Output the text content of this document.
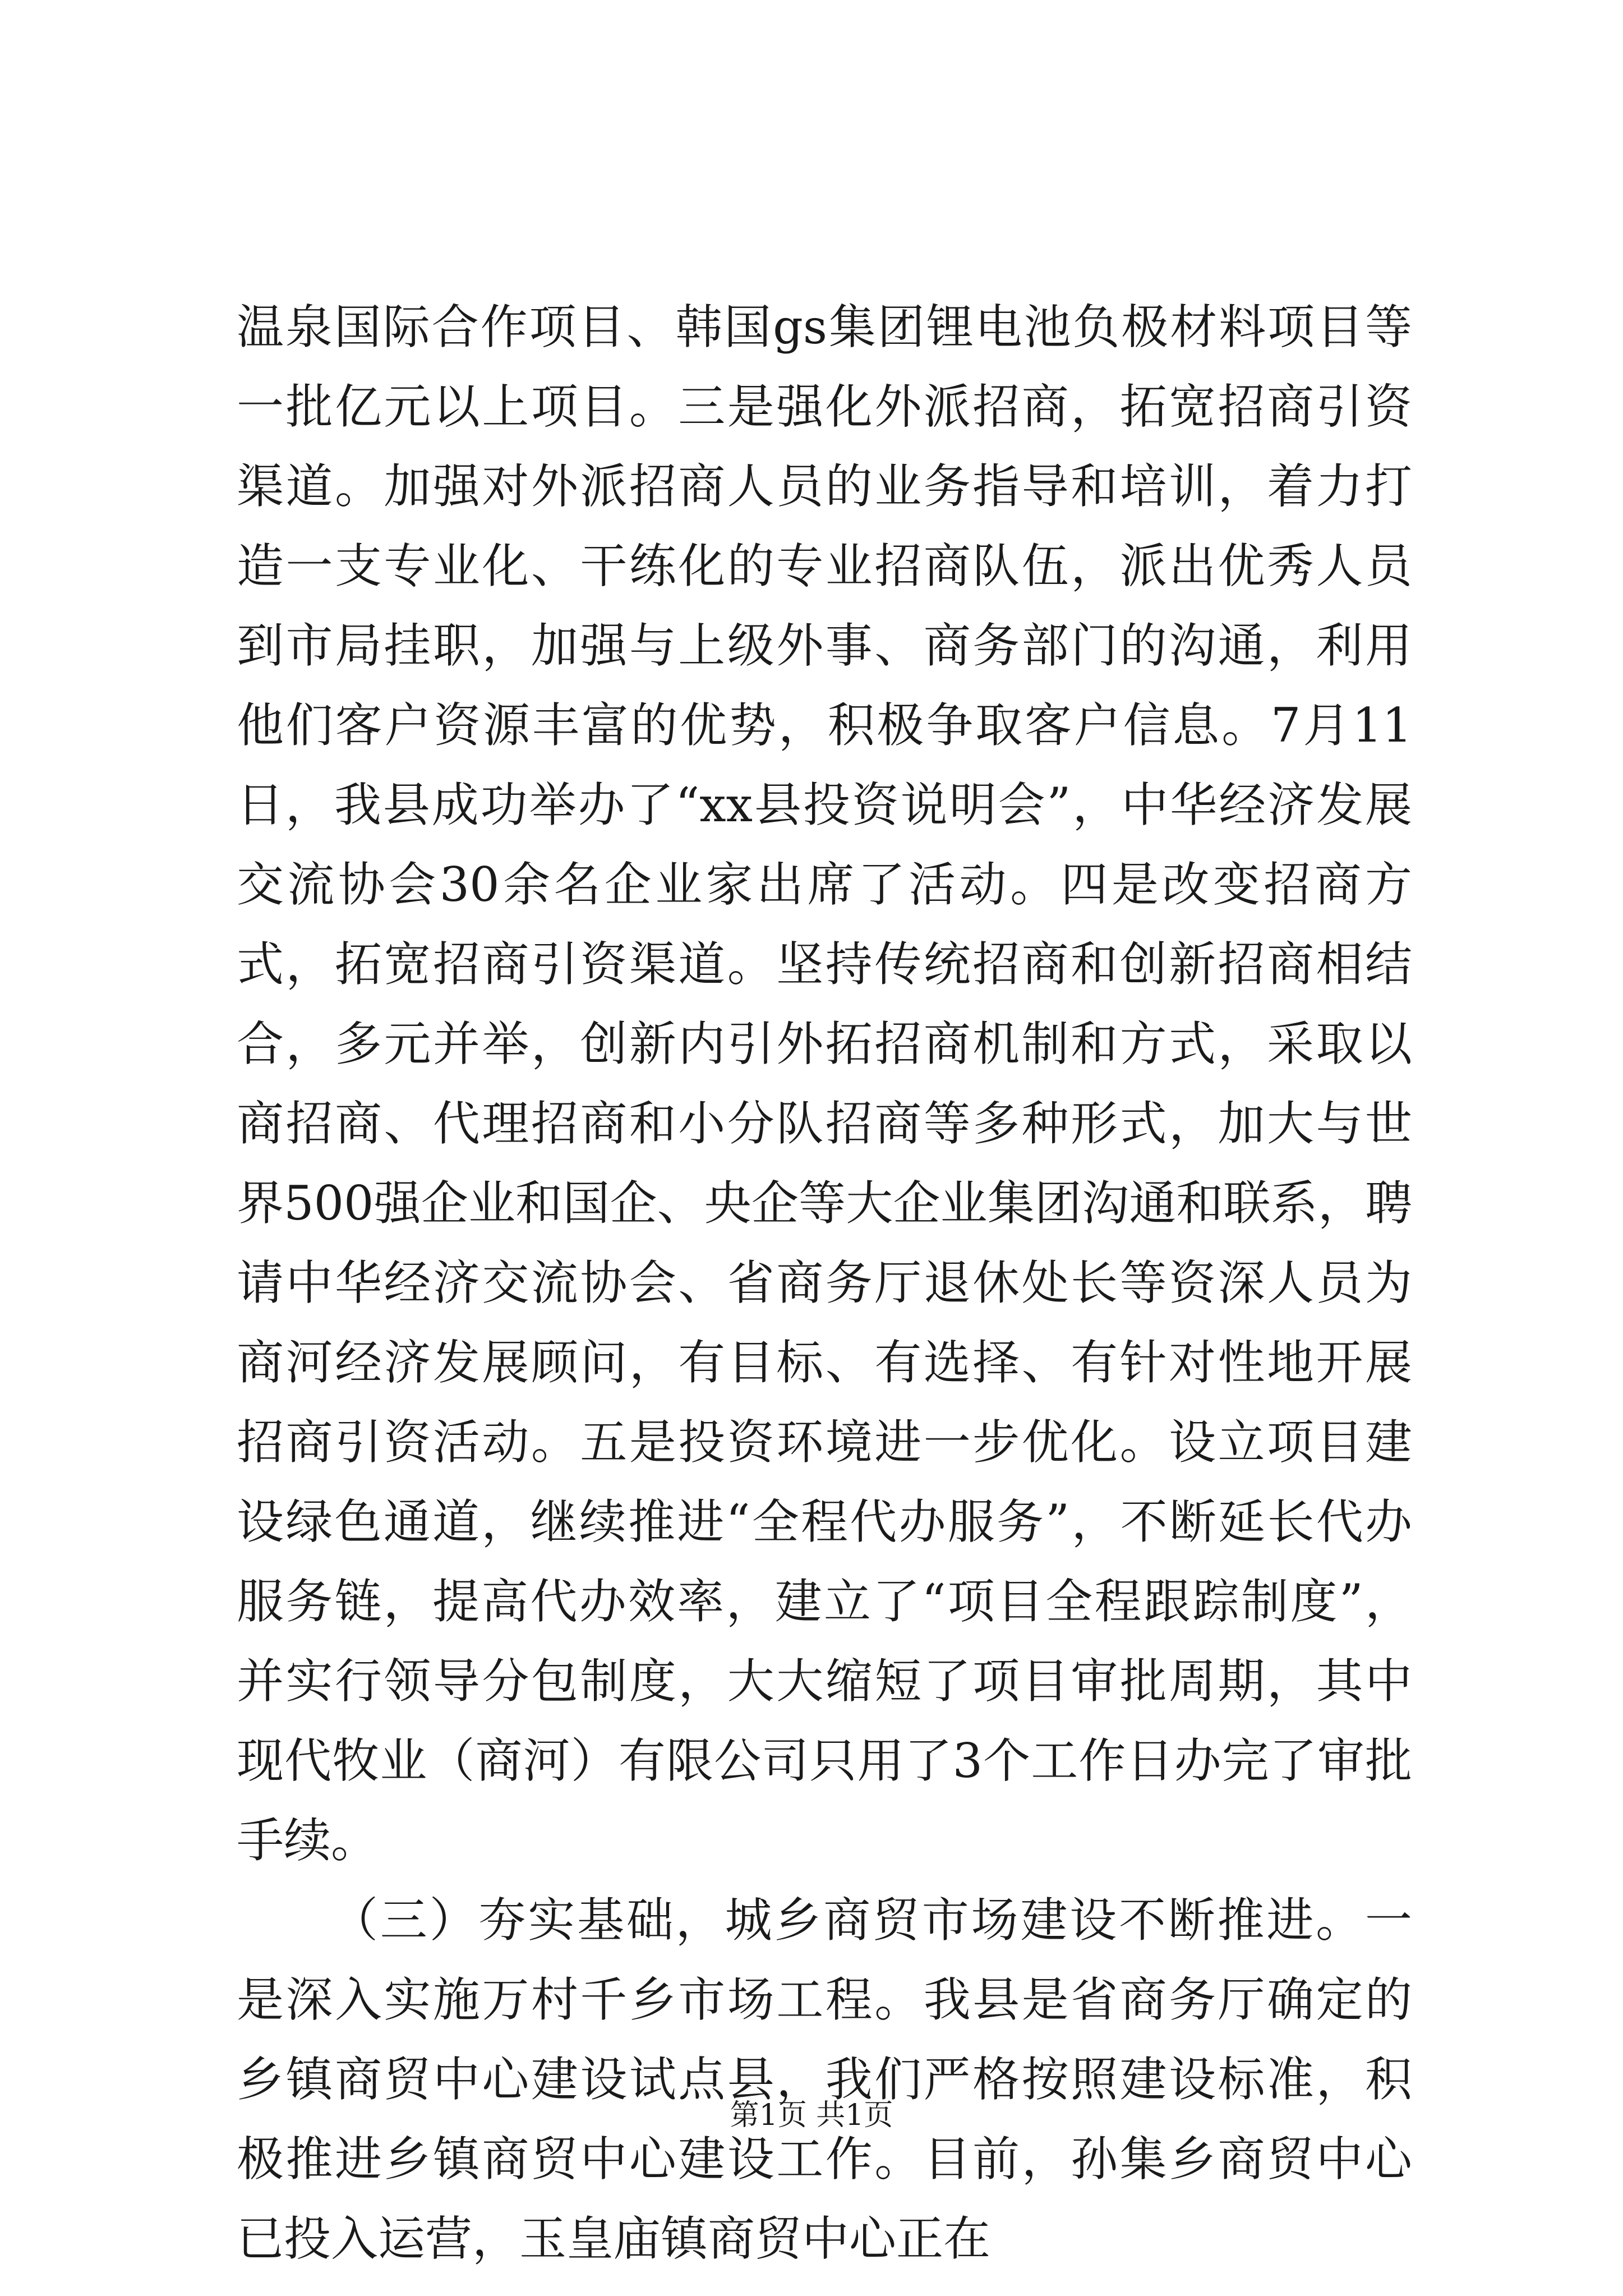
温泉国际合作项目、韩国gs集团锂电池负极材料项目等一批亿元以上项目。三是强化外派招商，拓宽招商引资渠道。加强对外派招商人员的业务指导和培训，着力打造一支专业化、干练化的专业招商队伍，派出优秀人员到市局挂职，加强与上级外事、商务部门的沟通，利用他们客户资源丰富的优势，积极争取客户信息。7月11日，我县成功举办了“xx县投资说明会”，中华经济发展交流协会30余名企业家出席了活动。四是改变招商方式，拓宽招商引资渠道。坚持传统招商和创新招商相结合，多元并举，创新内引外拓招商机制和方式，采取以商招商、代理招商和小分队招商等多种形式，加大与世界500强企业和国企、央企等大企业集团沟通和联系，聘请中华经济交流协会、省商务厅退休处长等资深人员为商河经济发展顾问，有目标、有选择、有针对性地开展招商引资活动。五是投资环境进一步优化。设立项目建设绿色通道，继续推进“全程代办服务”，不断延长代办服务链，提高代办效率，建立了“项目全程跟踪制度”，并实行领导分包制度，大大缩短了项目审批周期，其中现代牧业（商河）有限公司只用了3个工作日办完了审批手续。

（三）夯实基础，城乡商贸市场建设不断推进。一是深入实施万村千乡市场工程。我县是省商务厅确定的乡镇商贸中心建设试点县，我们严格按照建设标准，积极推进乡镇商贸中心建设工作。目前，孙集乡商贸中心已投入运营，玉皇庙镇商贸中心正在

第1页 共1页
